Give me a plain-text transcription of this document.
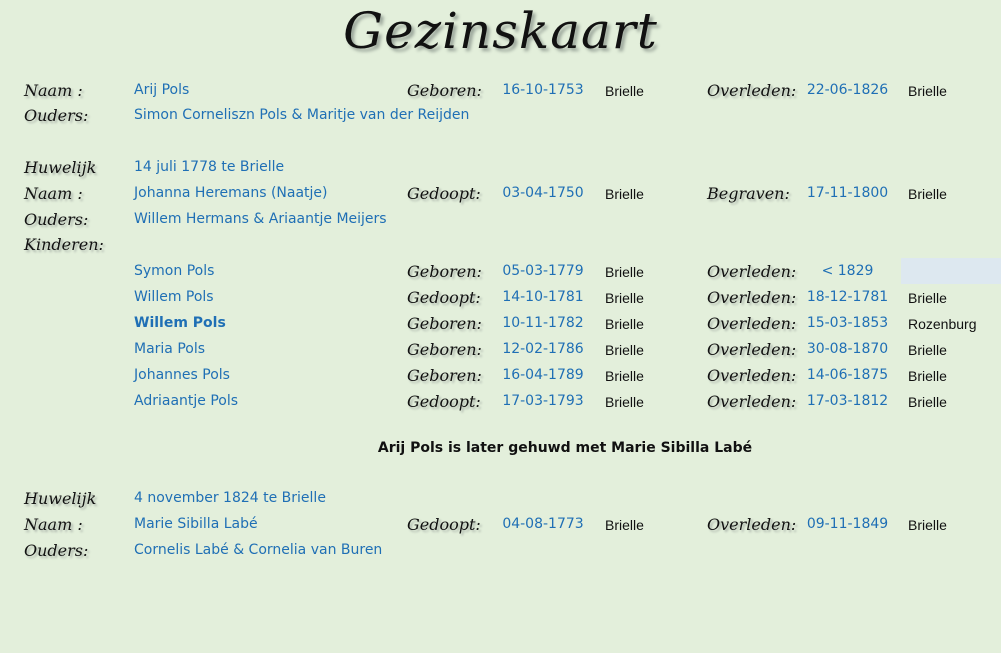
Gezinskaart
Naam :	Arij Pols	Geboren:	16-10-1753	Brielle	Overleden: 22-06-1826	Brielle
Ouders:	Simon Corneliszn Pols & Maritje van der Reijden
Huwelijk	14 juli 1778 te Brielle
Naam :	Johanna Heremans (Naatje)	Gedoopt:	03-04-1750	Brielle	Begraven:	17-11-1800	Brielle
Ouders:	Willem Hermans & Ariaantje Meijers
Kinderen:
Symon Pols	Geboren:	05-03-1779	Brielle	Overleden:	< 1829
Willem Pols	Gedoopt:	14-10-1781	Brielle	Overleden: 18-12-1781	Brielle
Willem Pols	Geboren:	10-11-1782	Brielle	Overleden: 15-03-1853	Rozenburg
Maria Pols	Geboren:	12-02-1786	Brielle	Overleden: 30-08-1870	Brielle
Johannes Pols	Geboren:	16-04-1789	Brielle	Overleden: 14-06-1875	Brielle
Adriaantje Pols	Gedoopt:	17-03-1793	Brielle	Overleden: 17-03-1812	Brielle
Arij Pols is later gehuwd met Marie Sibilla Labé
Huwelijk	4 november 1824 te Brielle
Naam :	Marie Sibilla Labé	Gedoopt:	04-08-1773	Brielle	Overleden: 09-11-1849	Brielle
Ouders:	Cornelis Labé & Cornelia van Buren
